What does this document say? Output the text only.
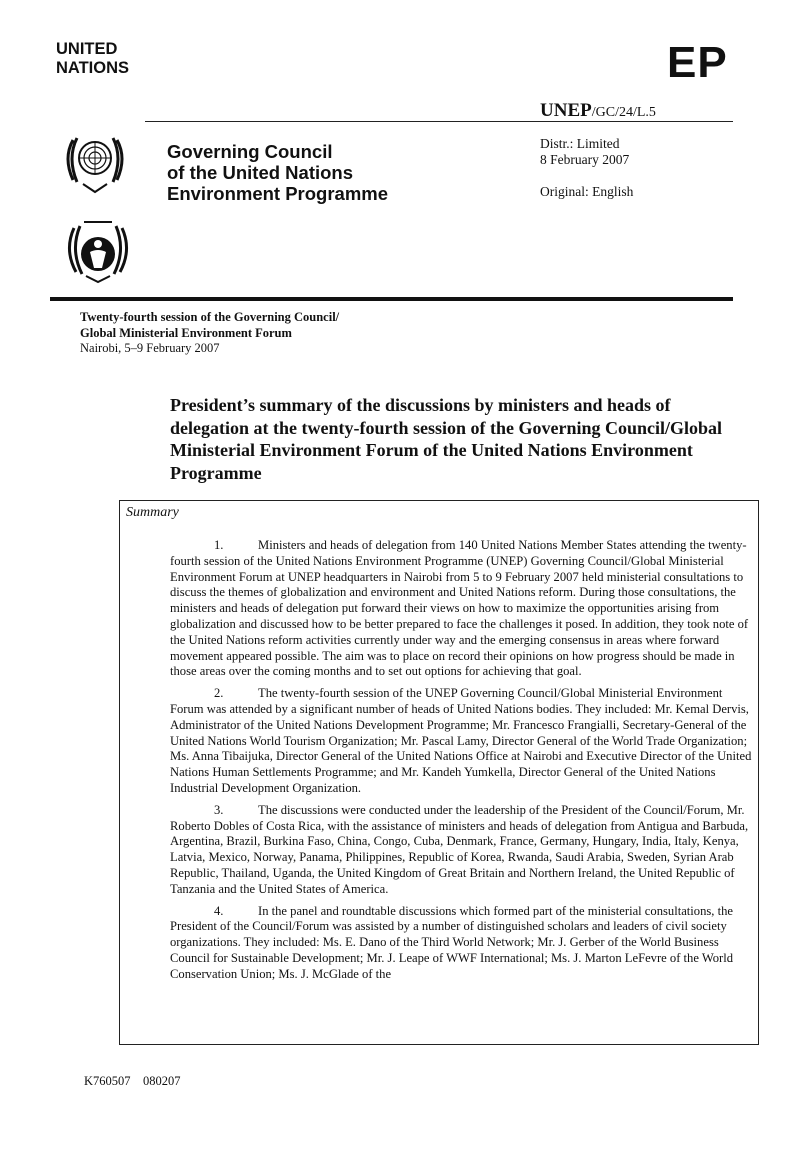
UNITED
NATIONS	EP
UNEP/GC/24/L.5
Governing Council
of the United Nations
Environment Programme
Distr.: Limited
8 February 2007
Original: English
Twenty-fourth session of the Governing Council/
Global Ministerial Environment Forum
Nairobi, 5–9 February 2007
President’s summary of the discussions by ministers and heads of delegation at the twenty-fourth session of the Governing Council/Global Ministerial Environment Forum of the United Nations Environment Programme
Summary

1.	Ministers and heads of delegation from 140 United Nations Member States attending the twenty-fourth session of the United Nations Environment Programme (UNEP) Governing Council/Global Ministerial Environment Forum at UNEP headquarters in Nairobi from 5 to 9 February 2007 held ministerial consultations to discuss the themes of globalization and environment and United Nations reform. During those consultations, the ministers and heads of delegation put forward their views on how to maximize the opportunities arising from globalization and discussed how to be better prepared to face the challenges it posed. In addition, they took note of the United Nations reform activities currently under way and the emerging consensus in areas where forward movement appeared possible. The aim was to place on record their opinions on how progress should be made in those areas over the coming months and to set out options for achieving that goal.

2.	The twenty-fourth session of the UNEP Governing Council/Global Ministerial Environment Forum was attended by a significant number of heads of United Nations bodies. They included: Mr. Kemal Dervis, Administrator of the United Nations Development Programme; Mr. Francesco Frangialli, Secretary-General of the United Nations World Tourism Organization; Mr. Pascal Lamy, Director General of the World Trade Organization; Ms. Anna Tibaijuka, Director General of the United Nations Office at Nairobi and Executive Director of the United Nations Human Settlements Programme; and Mr. Kandeh Yumkella, Director General of the United Nations Industrial Development Organization.

3.	The discussions were conducted under the leadership of the President of the Council/Forum, Mr. Roberto Dobles of Costa Rica, with the assistance of ministers and heads of delegation from Antigua and Barbuda, Argentina, Brazil, Burkina Faso, China, Congo, Cuba, Denmark, France, Germany, Hungary, India, Italy, Kenya, Latvia, Mexico, Norway, Panama, Philippines, Republic of Korea, Rwanda, Saudi Arabia, Sweden, Syrian Arab Republic, Thailand, Uganda, the United Kingdom of Great Britain and Northern Ireland, the United Republic of Tanzania and the United States of America.

4.	In the panel and roundtable discussions which formed part of the ministerial consultations, the President of the Council/Forum was assisted by a number of distinguished scholars and leaders of civil society organizations. They included: Ms. E. Dano of the Third World Network; Mr. J. Gerber of the World Business Council for Sustainable Development; Mr. J. Leape of WWF International; Ms. J. Marton LeFevre of the World Conservation Union; Ms. J. McGlade of the

K760507 080207
